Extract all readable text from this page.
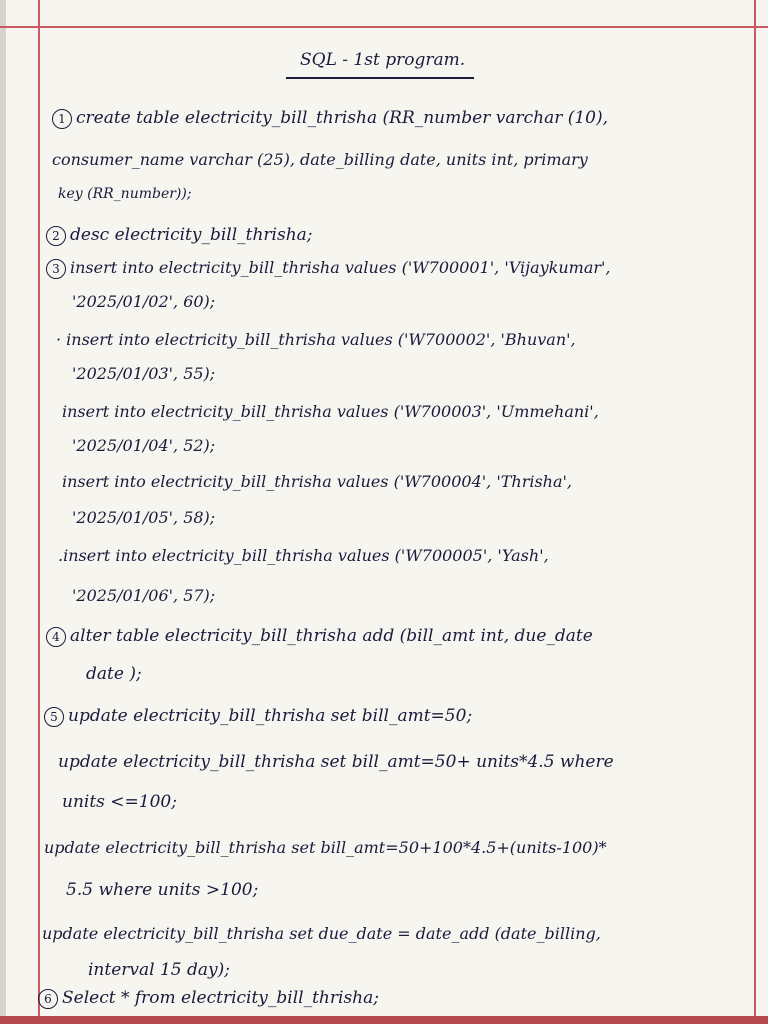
SQL - 1st program.
1 create table electricity_bill_thrisha (RR_number varchar (10),
consumer_name varchar (25), date_billing date, units int, primary
key (RR_number));
2 desc electricity_bill_thrisha;
3 insert into electricity_bill_thrisha values ('W700001', 'Vijaykumar',
'2025/01/02', 60);
· insert into electricity_bill_thrisha values ('W700002', 'Bhuvan',
'2025/01/03', 55);
insert into electricity_bill_thrisha values ('W700003', 'Ummehani',
'2025/01/04', 52);
insert into electricity_bill_thrisha values ('W700004', 'Thrisha',
'2025/01/05', 58);
.insert into electricity_bill_thrisha values ('W700005', 'Yash',
'2025/01/06', 57);
4 alter table electricity_bill_thrisha add (bill_amt int, due_date
date );
5 update electricity_bill_thrisha set bill_amt=50;
update electricity_bill_thrisha set bill_amt=50+ units*4.5 where
units <=100;
update electricity_bill_thrisha set bill_amt=50+100*4.5+(units-100)*
5.5 where units >100;
update electricity_bill_thrisha set due_date = date_add (date_billing,
interval 15 day);
6 Select * from electricity_bill_thrisha;
